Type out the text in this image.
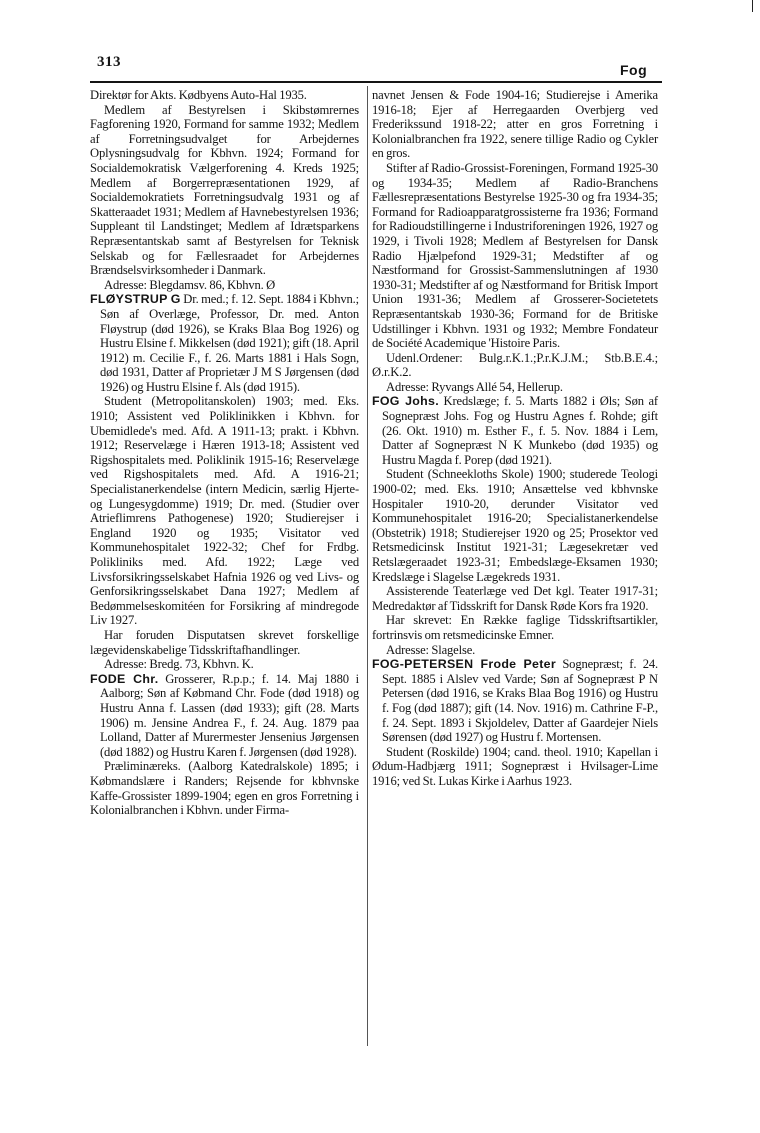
313	Fog

Direktør for Akts. Kødbyens Auto-Hal 1935.

Medlem af Bestyrelsen i Skibstømrernes Fagforening 1920, Formand for samme 1932; Medlem af Forretningsudvalget for Arbejdernes Oplysningsudvalg for Kbhvn. 1924; Formand for Socialdemokratisk Vælgerforening 4. Kreds 1925; Medlem af Borgerrepræsentationen 1929, af Socialdemokratiets Forretningsudvalg 1931 og af Skatteraadet 1931; Medlem af Havnebestyrelsen 1936; Suppleant til Landstinget; Medlem af Idrætsparkens Repræsentantskab samt af Bestyrelsen for Teknisk Selskab og for Fællesraadet for Arbejdernes Brændselsvirksomheder i Danmark.

Adresse: Blegdamsv. 86, Kbhvn. Ø

FLØYSTRUP G Dr. med.; f. 12. Sept. 1884 i Kbhvn.; Søn af Overlæge, Professor, Dr. med. Anton Fløystrup (død 1926), se Kraks Blaa Bog 1926) og Hustru Elsine f. Mikkelsen (død 1921); gift (18. April 1912) m. Cecilie F., f. 26. Marts 1881 i Hals Sogn, død 1931, Datter af Proprietær J M S Jørgensen (død 1926) og Hustru Elsine f. Als (død 1915).

Student (Metropolitanskolen) 1903; med. Eks. 1910; Assistent ved Poliklinikken i Kbhvn. for Ubemidlede's med. Afd. A 1911-13; prakt. i Kbhvn. 1912; Reservelæge i Hæren 1913-18; Assistent ved Rigshospitalets med. Poliklinik 1915-16; Reservelæge ved Rigshospitalets med. Afd. A 1916-21; Specialistanerkendelse (intern Medicin, særlig Hjerte- og Lungesygdomme) 1919; Dr. med. (Studier over Atrieflimrens Pathogenese) 1920; Studierejser i England 1920 og 1935; Visitator ved Kommunehospitalet 1922-32; Chef for Frdbg. Polikliniks med. Afd. 1922; Læge ved Livsforsikringsselskabet Hafnia 1926 og ved Livs- og Genforsikringsselskabet Dana 1927; Medlem af Bedømmelseskomitéen for Forsikring af mindregode Liv 1927.

Har foruden Disputatsen skrevet forskellige lægevidenskabelige Tidsskriftafhandlinger.

Adresse: Bredg. 73, Kbhvn. K.

FODE Chr. Grosserer, R.p.p.; f. 14. Maj 1880 i Aalborg; Søn af Købmand Chr. Fode (død 1918) og Hustru Anna f. Lassen (død 1933); gift (28. Marts 1906) m. Jensine Andrea F., f. 24. Aug. 1879 paa Lolland, Datter af Murermester Jensenius Jørgensen (død 1882) og Hustru Karen f. Jørgensen (død 1928).

Præliminæreks. (Aalborg Katedralskole) 1895; i Købmandslære i Randers; Rejsende for kbhvnske Kaffe-Grossister 1899-1904; egen en gros Forretning i Kolonialbranchen i Kbhvn. under Firma-

navnet Jensen & Fode 1904-16; Studierejse i Amerika 1916-18; Ejer af Herregaarden Overbjerg ved Frederikssund 1918-22; atter en gros Forretning i Kolonialbranchen fra 1922, senere tillige Radio og Cykler en gros.

Stifter af Radio-Grossist-Foreningen, Formand 1925-30 og 1934-35; Medlem af Radio-Branchens Fællesrepræsentations Bestyrelse 1925-30 og fra 1934-35; Formand for Radioapparatgrossisterne fra 1936; Formand for Radioudstillingerne i Industriforeningen 1926, 1927 og 1929, i Tivoli 1928; Medlem af Bestyrelsen for Dansk Radio Hjælpefond 1929-31; Medstifter af og Næstformand for Grossist-Sammenslutningen af 1930 1930-31; Medstifter af og Næstformand for Britisk Import Union 1931-36; Medlem af Grosserer-Societetets Repræsentantskab 1930-36; Formand for de Britiske Udstillinger i Kbhvn. 1931 og 1932; Membre Fondateur de Société Academique 'Histoire Paris.

Udenl.Ordener: Bulg.r.K.1.;P.r.K.J.M.; Stb.B.E.4.; Ø.r.K.2.

Adresse: Ryvangs Allé 54, Hellerup.

FOG Johs. Kredslæge; f. 5. Marts 1882 i Øls; Søn af Sognepræst Johs. Fog og Hustru Agnes f. Rohde; gift (26. Okt. 1910) m. Esther F., f. 5. Nov. 1884 i Lem, Datter af Sognepræst N K Munkebo (død 1935) og Hustru Magda f. Porep (død 1921).

Student (Schneekloths Skole) 1900; studerede Teologi 1900-02; med. Eks. 1910; Ansættelse ved kbhvnske Hospitaler 1910-20, derunder Visitator ved Kommunehospitalet 1916-20; Specialistanerkendelse (Obstetrik) 1918; Studierejser 1920 og 25; Prosektor ved Retsmedicinsk Institut 1921-31; Lægesekretær ved Retslægeraadet 1923-31; Embedslæge-Eksamen 1930; Kredslæge i Slagelse Lægekreds 1931.

Assisterende Teaterlæge ved Det kgl. Teater 1917-31; Medredaktør af Tidsskrift for Dansk Røde Kors fra 1920.

Har skrevet: En Række faglige Tidsskriftsartikler, fortrinsvis om retsmedicinske Emner.

Adresse: Slagelse.

FOG-PETERSEN Frode Peter Sognepræst; f. 24. Sept. 1885 i Alslev ved Varde; Søn af Sognepræst P N Petersen (død 1916, se Kraks Blaa Bog 1916) og Hustru f. Fog (død 1887); gift (14. Nov. 1916) m. Cathrine F-P., f. 24. Sept. 1893 i Skjoldelev, Datter af Gaardejer Niels Sørensen (død 1927) og Hustru f. Mortensen.

Student (Roskilde) 1904; cand. theol. 1910; Kapellan i Ødum-Hadbjærg 1911; Sognepræst i Hvilsager-Lime 1916; ved St. Lukas Kirke i Aarhus 1923.
